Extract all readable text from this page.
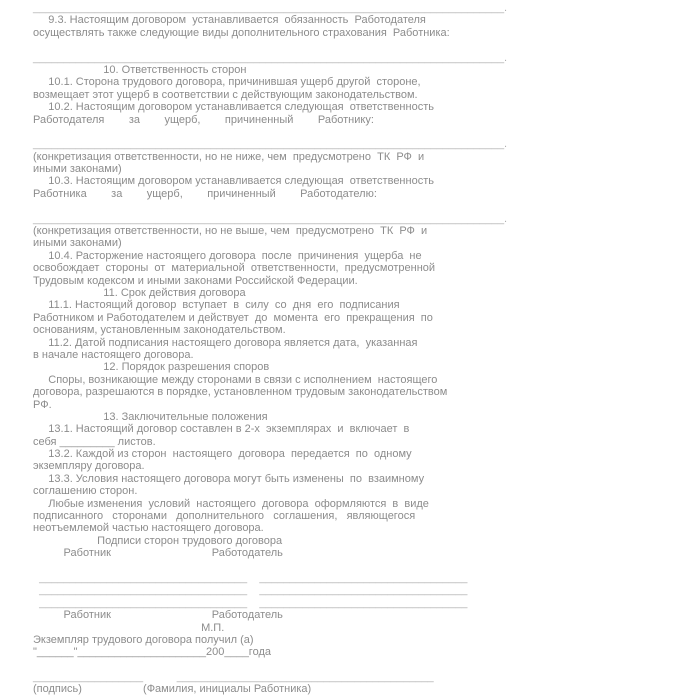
_____________________________________________________________________________.
9.3. Настоящим договором  устанавливается  обязанность  Работодателя
осуществлять также следующие виды дополнительного страхования  Работника:

_____________________________________________________________________________.
10. Ответственность сторон
10.1. Сторона трудового договора, причинившая ущерб другой  стороне,
возмещает этот ущерб в соответствии с действующим законодательством.
10.2. Настоящим договором устанавливается следующая  ответственность
Работодателя        за        ущерб,        причиненный        Работнику:

_____________________________________________________________________________.
(конкретизация ответственности, но не ниже, чем  предусмотрено  ТК  РФ  и
иными законами)
10.3. Настоящим договором устанавливается следующая  ответственность
Работника        за        ущерб,        причиненный        Работодателю:

_____________________________________________________________________________.
(конкретизация ответственности, но не выше, чем  предусмотрено  ТК  РФ  и
иными законами)
10.4. Расторжение настоящего договора  после  причинения  ущерба  не
освобождает  стороны  от  материальной  ответственности,  предусмотренной
Трудовым кодексом и иными законами Российской Федерации.
11. Срок действия договора
11.1. Настоящий договор  вступает  в  силу  со  дня  его  подписания
Работником и Работодателем и действует  до  момента  его  прекращения  по
основаниям, установленным законодательством.
11.2. Датой подписания настоящего договора является дата,  указанная
в начале настоящего договора.
12. Порядок разрешения споров
Споры, возникающие между сторонами в связи с исполнением  настоящего
договора, разрешаются в порядке, установленном трудовым законодательством
РФ.
13. Заключительные положения
13.1. Настоящий договор составлен в 2-х  экземплярах  и  включает  в
себя _________ листов.
13.2. Каждой из сторон  настоящего  договора  передается  по  одному
экземпляру договора.
13.3. Условия настоящего договора могут быть изменены  по  взаимному
соглашению сторон.
Любые изменения  условий  настоящего  договора  оформляются  в  виде
подписанного   сторонами   дополнительного   соглашения,   являющегося
неотъемлемой частью настоящего договора.
Подписи сторон трудового договора
Работник                                 Работодатель

__________________________________    __________________________________
__________________________________    __________________________________
__________________________________    __________________________________
Работник                                 Работодатель
М.П.
Экземпляр трудового договора получил (а)
"______"_____________________200____года

__________________           __________________________________________
(подпись)                    (Фамилия, инициалы Работника)
